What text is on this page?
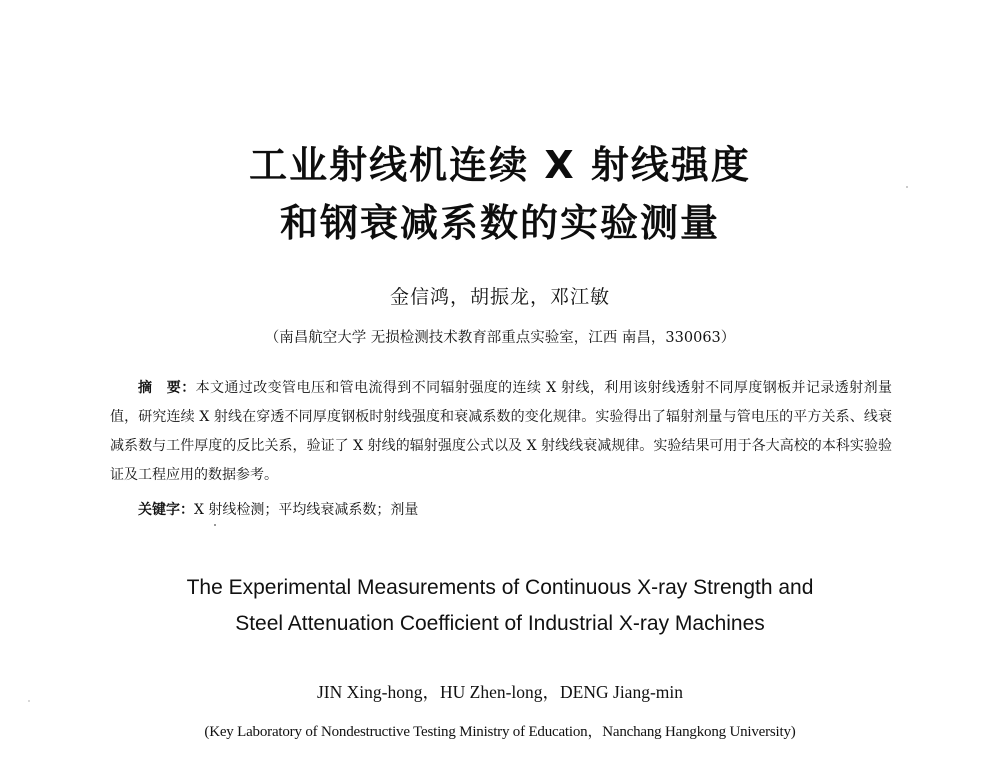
工业射线机连续 X 射线强度
和钢衰减系数的实验测量
金信鸿，胡振龙，邓江敏
（南昌航空大学 无损检测技术教育部重点实验室，江西 南昌，330063）
摘　要：本文通过改变管电压和管电流得到不同辐射强度的连续 X 射线，利用该射线透射不同厚度钢板并记录透射剂量值，研究连续 X 射线在穿透不同厚度钢板时射线强度和衰减系数的变化规律。实验得出了辐射剂量与管电压的平方关系、线衰减系数与工件厚度的反比关系，验证了 X 射线的辐射强度公式以及 X 射线线衰减规律。实验结果可用于各大高校的本科实验验证及工程应用的数据参考。
关键字：X 射线检测；平均线衰减系数；剂量
The Experimental Measurements of Continuous X-ray Strength and
Steel Attenuation Coefficient of Industrial X-ray Machines
JIN Xing-hong，HU Zhen-long，DENG Jiang-min
(Key Laboratory of Nondestructive Testing Ministry of Education，Nanchang Hangkong University)
